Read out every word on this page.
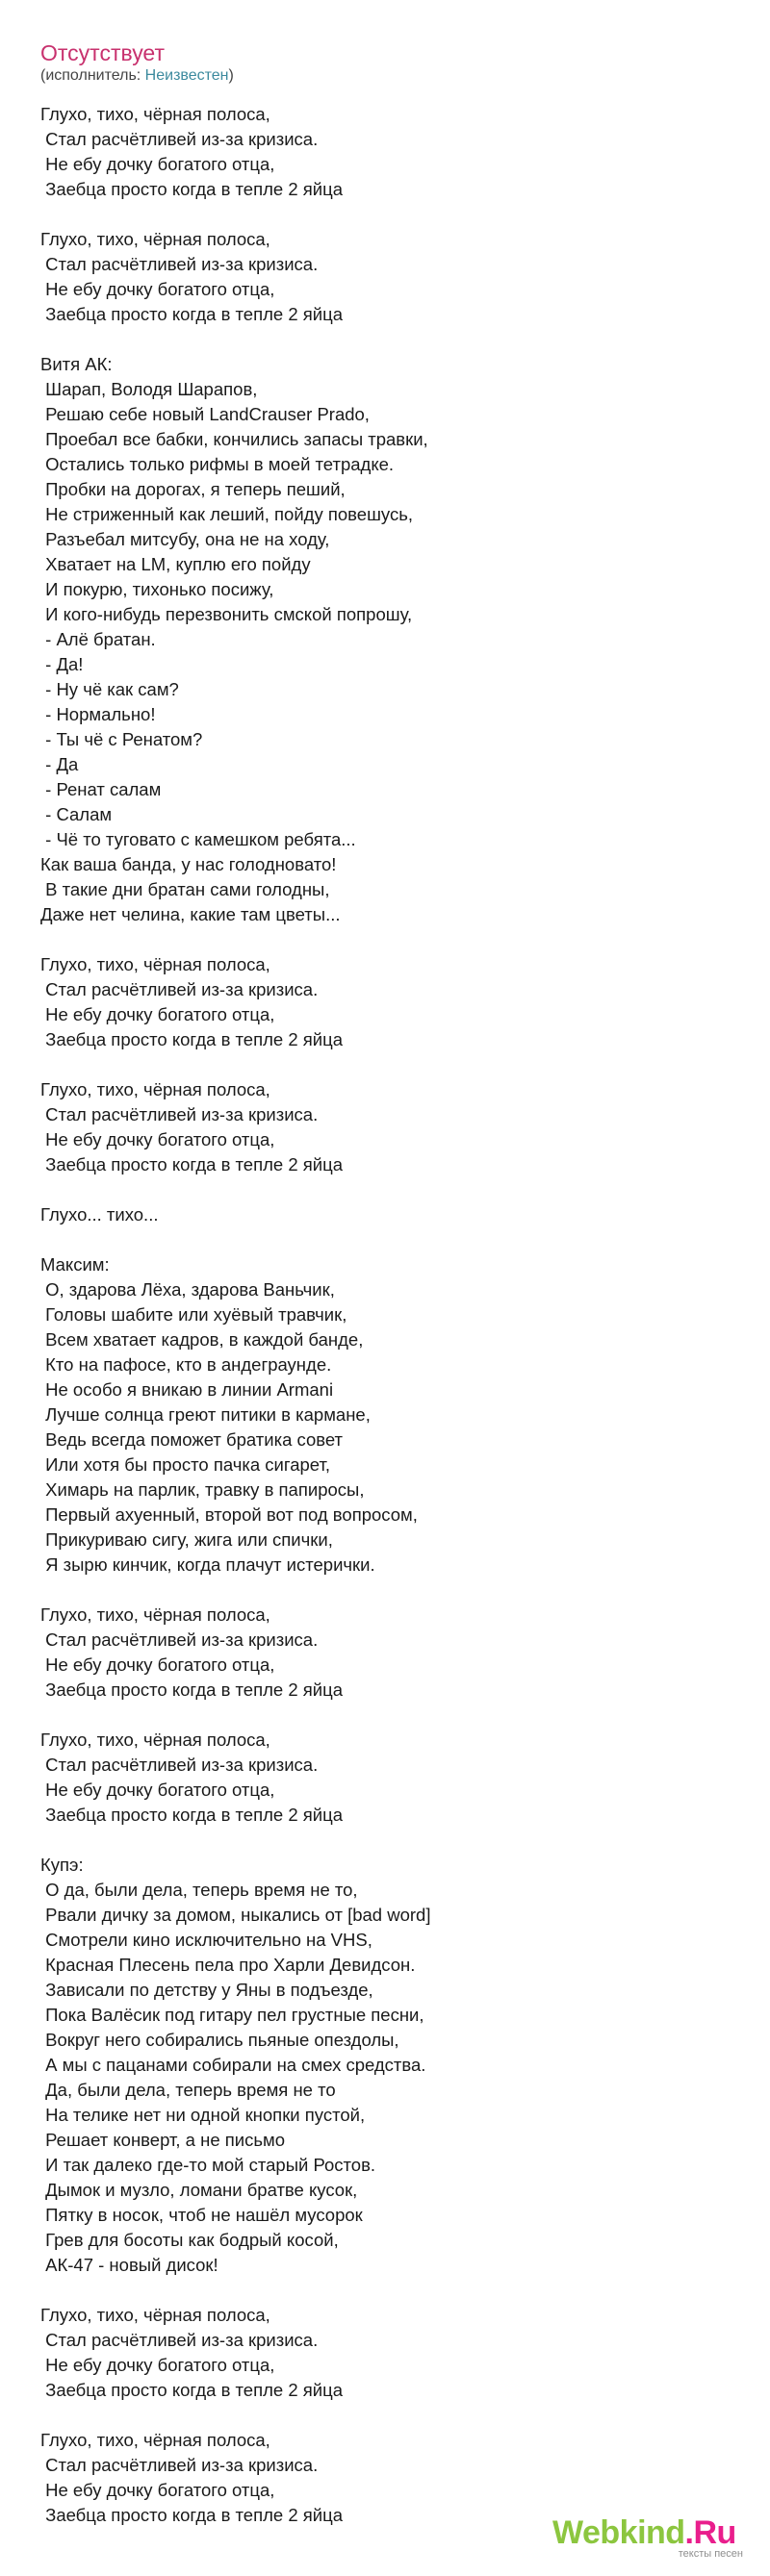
Отсутствует
(исполнитель: Неизвестен)
Глухо, тихо, чёрная полоса,
Стал расчётливей из-за кризиса.
Не ебу дочку богатого отца,
Заебца просто когда в тепле 2 яйца
Глухо, тихо, чёрная полоса,
Стал расчётливей из-за кризиса.
Не ебу дочку богатого отца,
Заебца просто когда в тепле 2 яйца
Витя АК:
Шарап, Володя Шарапов,
Решаю себе новый LandCrauser Prado,
Проебал все бабки, кончились запасы травки,
Остались только рифмы в моей тетрадке.
Пробки на дорогах, я теперь пеший,
Не стриженный как леший, пойду повешусь,
Разъебал митсубу, она не на ходу,
Хватает на LM, куплю его пойду
И покурю, тихонько посижу,
И кого-нибудь перезвонить смской попрошу,
- Алё братан.
- Да!
- Ну чё как сам?
- Нормально!
- Ты чё с Ренатом?
- Да
- Ренат салам
- Салам
- Чё то туговато с камешком ребята...
Как ваша банда, у нас голодновато!
В такие дни братан сами голодны,
Даже нет челина, какие там цветы...
Глухо, тихо, чёрная полоса,
Стал расчётливей из-за кризиса.
Не ебу дочку богатого отца,
Заебца просто когда в тепле 2 яйца
Глухо, тихо, чёрная полоса,
Стал расчётливей из-за кризиса.
Не ебу дочку богатого отца,
Заебца просто когда в тепле 2 яйца
Глухо... тихо...
Максим:
О, здарова Лёха, здарова Ваньчик,
Головы шабите или хуёвый травчик,
Всем хватает кадров, в каждой банде,
Кто на пафосе, кто в андеграунде.
Не особо я вникаю в линии Armani
Лучше солнца греют питики в кармане,
Ведь всегда поможет братика совет
Или хотя бы просто пачка сигарет,
Химарь на парлик, травку в папиросы,
Первый ахуенный, второй вот под вопросом,
Прикуриваю сигу, жига или спички,
Я зырю кинчик, когда плачут истерички.
Глухо, тихо, чёрная полоса,
Стал расчётливей из-за кризиса.
Не ебу дочку богатого отца,
Заебца просто когда в тепле 2 яйца
Глухо, тихо, чёрная полоса,
Стал расчётливей из-за кризиса.
Не ебу дочку богатого отца,
Заебца просто когда в тепле 2 яйца
Купэ:
О да, были дела, теперь время не то,
Рвали дичку за домом, ныкались от [bad word]
Смотрели кино исключительно на VHS,
Красная Плесень пела про Харли Девидсон.
Зависали по детству у Яны в подъезде,
Пока Валёсик под гитару пел грустные песни,
Вокруг него собирались пьяные опездолы,
А мы с пацанами собирали на смех средства.
Да, были дела, теперь время не то
На телике нет ни одной кнопки пустой,
Решает конверт, а не письмо
И так далеко где-то мой старый Ростов.
Дымок и музло, ломани братве кусок,
Пятку в носок, чтоб не нашёл мусорок
Грев для босоты как бодрый косой,
АК-47 - новый дисок!
Глухо, тихо, чёрная полоса,
Стал расчётливей из-за кризиса.
Не ебу дочку богатого отца,
Заебца просто когда в тепле 2 яйца
Глухо, тихо, чёрная полоса,
Стал расчётливей из-за кризиса.
Не ебу дочку богатого отца,
Заебца просто когда в тепле 2 яйца	Webkind.Ru
тексты песен
